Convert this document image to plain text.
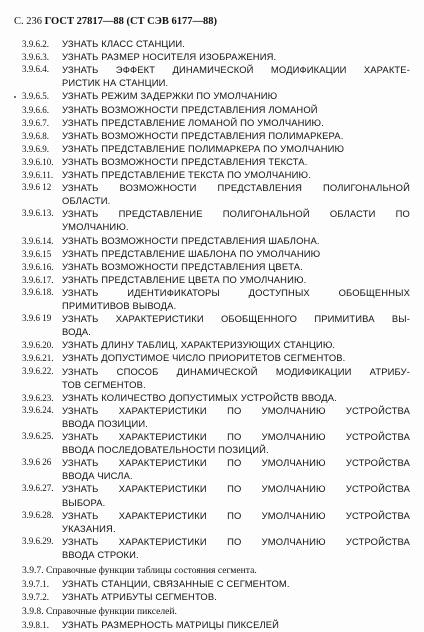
С. 236 ГОСТ 27817—88 (СТ СЭВ 6177—88)
3.9.6.2. УЗНАТЬ КЛАСС СТАНЦИИ.
3.9.6.3. УЗНАТЬ РАЗМЕР НОСИТЕЛЯ ИЗОБРАЖЕНИЯ.
3.9.6.4.	УЗНАТЬ ЭФФЕКТ ДИНАМИЧЕСКОЙ МОДИФИКАЦИИ ХАРАКТЕ-
РИСТИК НА СТАНЦИИ.
3.9.6.5. УЗНАТЬ РЕЖИМ ЗАДЕРЖКИ ПО УМОЛЧАНИЮ
3.9.6.6. УЗНАТЬ ВОЗМОЖНОСТИ ПРЕДСТАВЛЕНИЯ ЛОМАНОЙ
3.9.6.7. УЗНАТЬ ПРЕДСТАВЛЕНИЕ ЛОМАНОЙ ПО УМОЛЧАНИЮ.
3.9.6.8. УЗНАТЬ ВОЗМОЖНОСТИ ПРЕДСТАВЛЕНИЯ ПОЛИМАРКЕРА.
3.9.6.9. УЗНАТЬ ПРЕДСТАВЛЕНИЕ ПОЛИМАРКЕРА ПО УМОЛЧАНИЮ
3.9.6.10. УЗНАТЬ ВОЗМОЖНОСТИ ПРЕДСТАВЛЕНИЯ ТЕКСТА.
3.9.6.11. УЗНАТЬ ПРЕДСТАВЛЕНИЕ ТЕКСТА ПО УМОЛЧАНИЮ.
3.9.6 12	УЗНАТЬ ВОЗМОЖНОСТИ ПРЕДСТАВЛЕНИЯ ПОЛИГОНАЛЬНОЙ
ОБЛАСТИ.
3.9.6.13. УЗНАТЬ ПРЕДСТАВЛЕНИЕ ПОЛИГОНАЛЬНОЙ ОБЛАСТИ ПО
УМОЛЧАНИЮ.
3.9.6.14. УЗНАТЬ ВОЗМОЖНОСТИ ПРЕДСТАВЛЕНИЯ ШАБЛОНА.
3.9.6.15 УЗНАТЬ ПРЕДСТАВЛЕНИЕ ШАБЛОНА ПО УМОЛЧАНИЮ
3.9.6.16. УЗНАТЬ ВОЗМОЖНОСТИ ПРЕДСТАВЛЕНИЯ ЦВЕТА.
3.9.6.17. УЗНАТЬ ПРЕДСТАВЛЕНИЕ ЦВЕТА ПО УМОЛЧАНИЮ.
3.9.6.18. УЗНАТЬ ИДЕНТИФИКАТОРЫ ДОСТУПНЫХ ОБОБЩЕННЫХ
ПРИМИТИВОВ ВЫВОДА.
3.9.6 19	УЗНАТЬ ХАРАКТЕРИСТИКИ ОБОБЩЕННОГО ПРИМИТИВА ВЫ-
ВОДА.
3.9.6.20. УЗНАТЬ ДЛИНУ ТАБЛИЦ, ХАРАКТЕРИЗУЮЩИХ СТАНЦИЮ.
3.9.6.21. УЗНАТЬ ДОПУСТИМОЕ ЧИСЛО ПРИОРИТЕТОВ СЕГМЕНТОВ.
3.9.6.22. УЗНАТЬ СПОСОБ ДИНАМИЧЕСКОЙ МОДИФИКАЦИИ АТРИБУ-
ТОВ СЕГМЕНТОВ.
3.9.6.23. УЗНАТЬ КОЛИЧЕСТВО ДОПУСТИМЫХ УСТРОЙСТВ ВВОДА.
3.9.6.24. УЗНАТЬ ХАРАКТЕРИСТИКИ ПО УМОЛЧАНИЮ УСТРОЙСТВА
ВВОДА ПОЗИЦИИ.
3.9.6.25. УЗНАТЬ ХАРАКТЕРИСТИКИ ПО УМОЛЧАНИЮ УСТРОЙСТВА
ВВОДА ПОСЛЕДОВАТЕЛЬНОСТИ ПОЗИЦИЙ.
3.9.6 26	УЗНАТЬ ХАРАКТЕРИСТИКИ ПО УМОЛЧАНИЮ УСТРОЙСТВА
ВВОДА ЧИСЛА.
3.9.6.27. УЗНАТЬ ХАРАКТЕРИСТИКИ ПО УМОЛЧАНИЮ УСТРОЙСТВА
ВЫБОРА.
3.9.6.28. УЗНАТЬ ХАРАКТЕРИСТИКИ ПО УМОЛЧАНИЮ УСТРОЙСТВА
УКАЗАНИЯ.
3.9.6.29. УЗНАТЬ ХАРАКТЕРИСТИКИ ПО УМОЛЧАНИЮ УСТРОЙСТВА
ВВОДА СТРОКИ.
3.9.7. Справочные функции таблицы состояния сегмента.
3.9.7.1. УЗНАТЬ СТАНЦИИ, СВЯЗАННЫЕ С СЕГМЕНТОМ.
3.9.7.2. УЗНАТЬ АТРИБУТЫ СЕГМЕНТОВ.
3.9.8. Справочные функции пикселей.
3.9.8.1. УЗНАТЬ РАЗМЕРНОСТЬ МАТРИЦЫ ПИКСЕЛЕЙ
